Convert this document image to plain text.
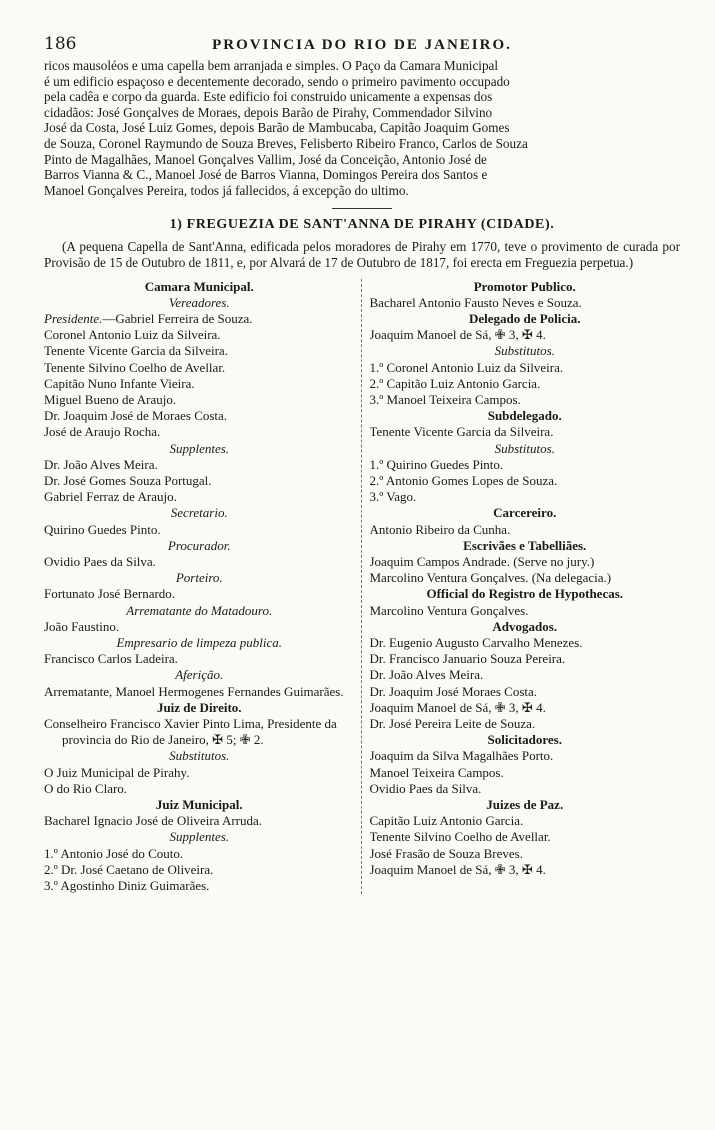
186	PROVINCIA DO RIO DE JANEIRO.

ricos mausoléos e uma capella bem arranjada e simples. O Paço da Camara Municipal

é um edificio espaçoso e decentemente decorado, sendo o primeiro pavimento occupado

pela cadêa e corpo da guarda. Este edificio foi construido unicamente a expensas dos

cidadãos: José Gonçalves de Moraes, depois Barão de Pirahy, Commendador Silvino

José da Costa, José Luiz Gomes, depois Barão de Mambucaba, Capitão Joaquim Gomes

de Souza, Coronel Raymundo de Souza Breves, Felisberto Ribeiro Franco, Carlos de Souza

Pinto de Magalhães, Manoel Gonçalves Vallim, José da Conceição, Antonio José de

Barros Vianna & C., Manoel José de Barros Vianna, Domingos Pereira dos Santos e

Manoel Gonçalves Pereira, todos já fallecidos, á excepção do ultimo.

1) FREGUEZIA DE SANT'ANNA DE PIRAHY (CIDADE).

(A pequena Capella de Sant'Anna, edificada pelos moradores de Pirahy em 1770, teve o provimento de curada por Provisão de 15 de Outubro de 1811, e, por Alvará de 17 de Outubro de 1817, foi erecta em Freguezia perpetua.)

Camara Municipal.
Vereadores.
Presidente.—Gabriel Ferreira de Souza.
Coronel Antonio Luiz da Silveira.
Tenente Vicente Garcia da Silveira.
Tenente Silvino Coelho de Avellar.
Capitão Nuno Infante Vieira.
Miguel Bueno de Araujo.
Dr. Joaquim José de Moraes Costa.
José de Araujo Rocha.
Supplentes.
Dr. João Alves Meira.
Dr. José Gomes Souza Portugal.
Gabriel Ferraz de Araujo.
Secretario.
Quirino Guedes Pinto.
Procurador.
Ovidio Paes da Silva.
Porteiro.
Fortunato José Bernardo.
Arrematante do Matadouro.
João Faustino.
Empresario de limpeza publica.
Francisco Carlos Ladeira.
Aferição.
Arrematante, Manoel Hermogenes Fernandes Guimarães.
Juiz de Direito.
Conselheiro Francisco Xavier Pinto Lima, Presidente da provincia do Rio de Janeiro, ✠ 5; ✙ 2.
Substitutos.
O Juiz Municipal de Pirahy.
O do Rio Claro.
Juiz Municipal.
Bacharel Ignacio José de Oliveira Arruda.
Supplentes.
1.º Antonio José do Couto.
2.º Dr. José Caetano de Oliveira.
3.º Agostinho Diniz Guimarães.
Promotor Publico.
Bacharel Antonio Fausto Neves e Souza.
Delegado de Policia.
Joaquim Manoel de Sá, ✙ 3, ✠ 4.
Substitutos.
1.º Coronel Antonio Luiz da Silveira.
2.º Capitão Luiz Antonio Garcia.
3.º Manoel Teixeira Campos.
Subdelegado.
Tenente Vicente Garcia da Silveira.
Substitutos.
1.º Quirino Guedes Pinto.
2.º Antonio Gomes Lopes de Souza.
3.º Vago.
Carcereiro.
Antonio Ribeiro da Cunha.
Escrivães e Tabelliães.
Joaquim Campos Andrade. (Serve no jury.)
Marcolino Ventura Gonçalves. (Na delegacia.)
Official do Registro de Hypothecas.
Marcolino Ventura Gonçalves.
Advogados.
Dr. Eugenio Augusto Carvalho Menezes.
Dr. Francisco Januario Souza Pereira.
Dr. João Alves Meira.
Dr. Joaquim José Moraes Costa.
Joaquim Manoel de Sá, ✙ 3, ✠ 4.
Dr. José Pereira Leite de Souza.
Solicitadores.
Joaquim da Silva Magalhães Porto.
Manoel Teixeira Campos.
Ovidio Paes da Silva.
Juizes de Paz.
Capitão Luiz Antonio Garcia.
Tenente Silvino Coelho de Avellar.
José Frasão de Souza Breves.
Joaquim Manoel de Sá, ✙ 3, ✠ 4.
